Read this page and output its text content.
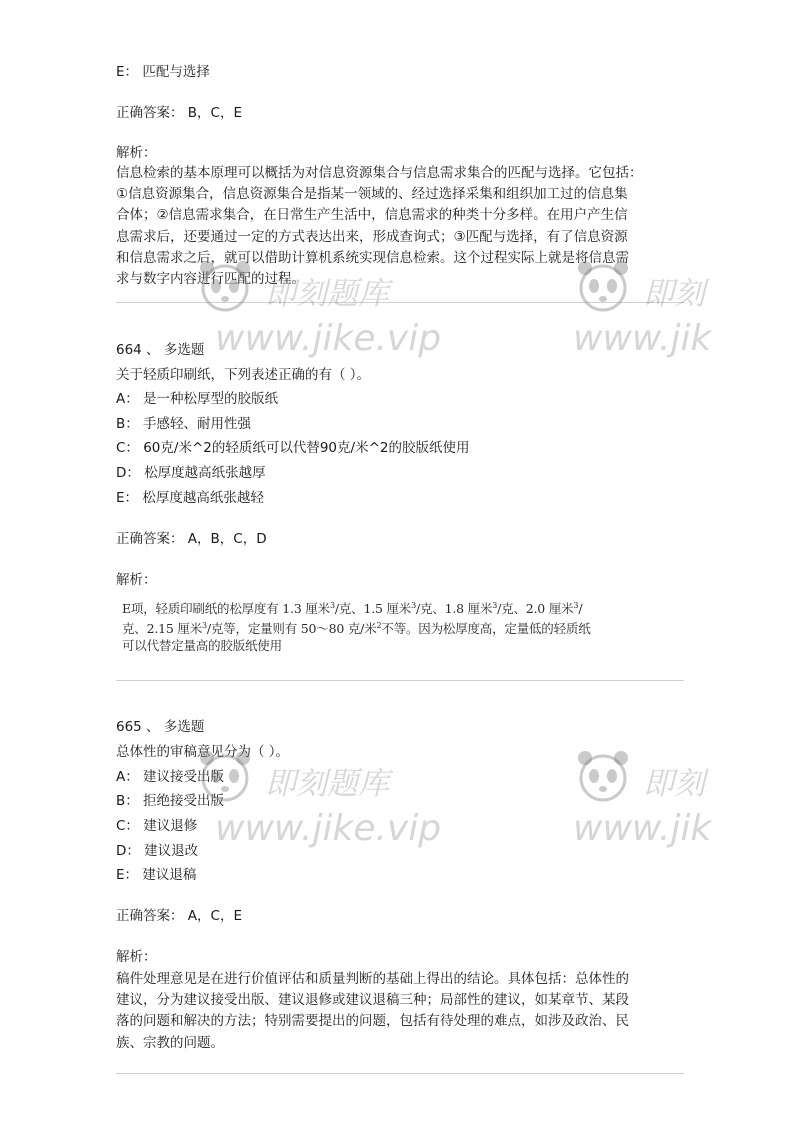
E： 匹配与选择
正确答案： B，C，E
解析：
信息检索的基本原理可以概括为对信息资源集合与信息需求集合的匹配与选择。它包括：
①信息资源集合，信息资源集合是指某一领域的、经过选择采集和组织加工过的信息集
合体；②信息需求集合，在日常生产生活中，信息需求的种类十分多样。在用户产生信
息需求后，还要通过一定的方式表达出来，形成查询式；③匹配与选择，有了信息资源
和信息需求之后，就可以借助计算机系统实现信息检索。这个过程实际上就是将信息需
求与数字内容进行匹配的过程。
664 、 多选题
关于轻质印刷纸，下列表述正确的有（ ）。
A： 是一种松厚型的胶版纸
B： 手感轻、耐用性强
C： 60克/米^2的轻质纸可以代替90克/米^2的胶版纸使用
D： 松厚度越高纸张越厚
E： 松厚度越高纸张越轻
正确答案： A，B，C，D
解析：
E项，轻质印刷纸的松厚度有 1.3 厘米$^3$/克、1.5 厘米$^3$/克、1.8 厘米$^3$/克、2.0 厘米$^3$/
克、2.15 厘米$^3$/克等，定量则有 50～80 克/米$^2$不等。因为松厚度高，定量低的轻质纸
可以代替定量高的胶版纸使用
665 、 多选题
总体性的审稿意见分为（ ）。
A： 建议接受出版
B： 拒绝接受出版
C： 建议退修
D： 建议退改
E： 建议退稿
正确答案： A，C，E
解析：
稿件处理意见是在进行价值评估和质量判断的基础上得出的结论。具体包括：总体性的
建议，分为建议接受出版、建议退修或建议退稿三种；局部性的建议，如某章节、某段
落的问题和解决的方法；特别需要提出的问题，包括有待处理的难点，如涉及政治、民
族、宗教的问题。
即刻题库
www.jike.vip
即刻
www.jik
即刻题库
www.jike.vip
即刻
www.jik
